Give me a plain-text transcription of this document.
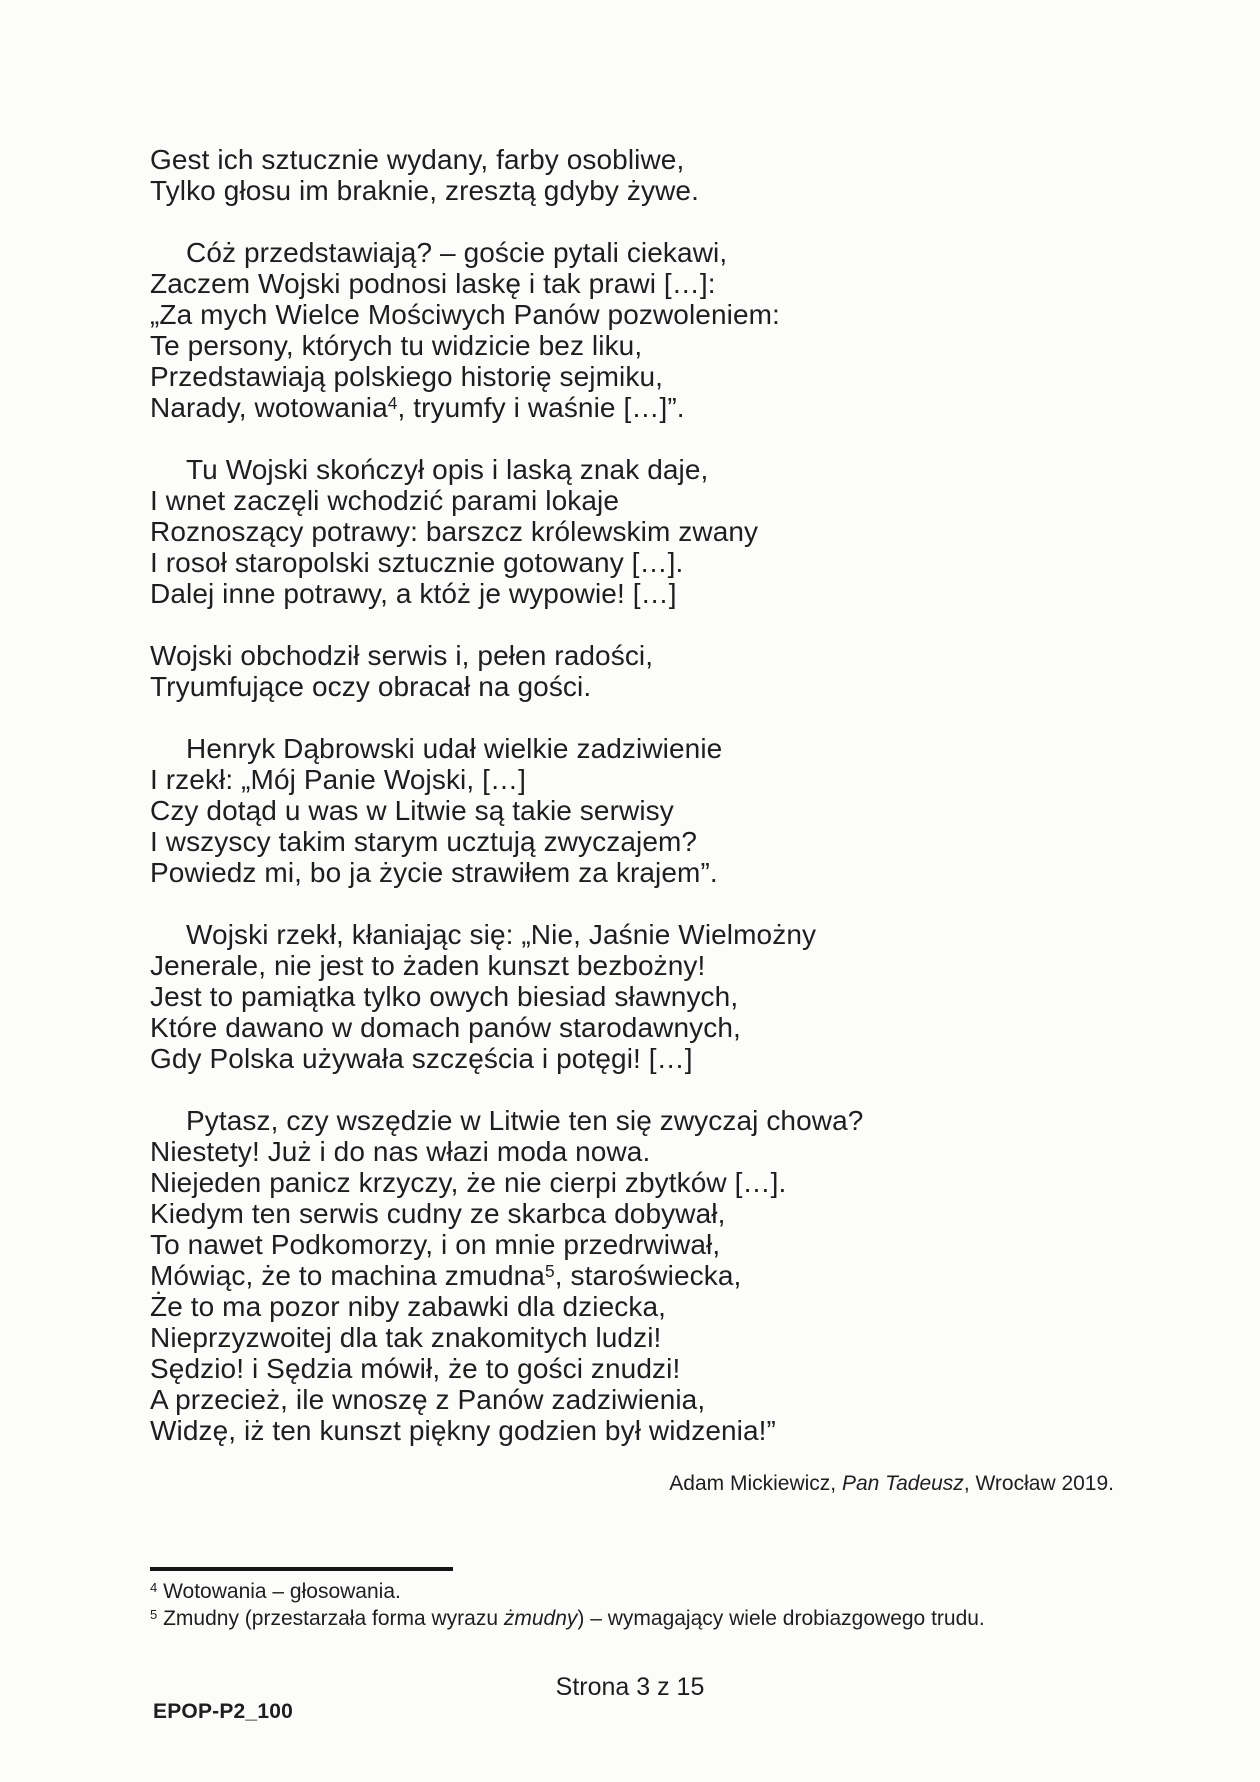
Gest ich sztucznie wydany, farby osobliwe,
Tylko głosu im braknie, zresztą gdyby żywe.
Cóż przedstawiają? – goście pytali ciekawi,
Zaczem Wojski podnosi laskę i tak prawi […]:
„Za mych Wielce Mościwych Panów pozwoleniem:
Te persony, których tu widzicie bez liku,
Przedstawiają polskiego historię sejmiku,
Narady, wotowania$^4$, tryumfy i waśnie […]”.
Tu Wojski skończył opis i laską znak daje,
I wnet zaczęli wchodzić parami lokaje
Roznoszący potrawy: barszcz królewskim zwany
I rosoł staropolski sztucznie gotowany […].
Dalej inne potrawy, a któż je wypowie! […]
Wojski obchodził serwis i, pełen radości,
Tryumfujące oczy obracał na gości.
Henryk Dąbrowski udał wielkie zadziwienie
I rzekł: „Mój Panie Wojski, […]
Czy dotąd u was w Litwie są takie serwisy
I wszyscy takim starym ucztują zwyczajem?
Powiedz mi, bo ja życie strawiłem za krajem”.
Wojski rzekł, kłaniając się: „Nie, Jaśnie Wielmożny
Jenerale, nie jest to żaden kunszt bezbożny!
Jest to pamiątka tylko owych biesiad sławnych,
Które dawano w domach panów starodawnych,
Gdy Polska używała szczęścia i potęgi! […]
Pytasz, czy wszędzie w Litwie ten się zwyczaj chowa?
Niestety! Już i do nas włazi moda nowa.
Niejeden panicz krzyczy, że nie cierpi zbytków […].
Kiedym ten serwis cudny ze skarbca dobywał,
To nawet Podkomorzy, i on mnie przedrwiwał,
Mówiąc, że to machina zmudna$^5$, staroświecka,
Że to ma pozor niby zabawki dla dziecka,
Nieprzyzwoitej dla tak znakomitych ludzi!
Sędzio! i Sędzia mówił, że to gości znudzi!
A przecież, ile wnoszę z Panów zadziwienia,
Widzę, iż ten kunszt piękny godzien był widzenia!”
Adam Mickiewicz, Pan Tadeusz, Wrocław 2019.
$^4$ Wotowania – głosowania.
$^5$ Zmudny (przestarzała forma wyrazu żmudny) – wymagający wiele drobiazgowego trudu.
Strona 3 z 15
EPOP-P2_100
